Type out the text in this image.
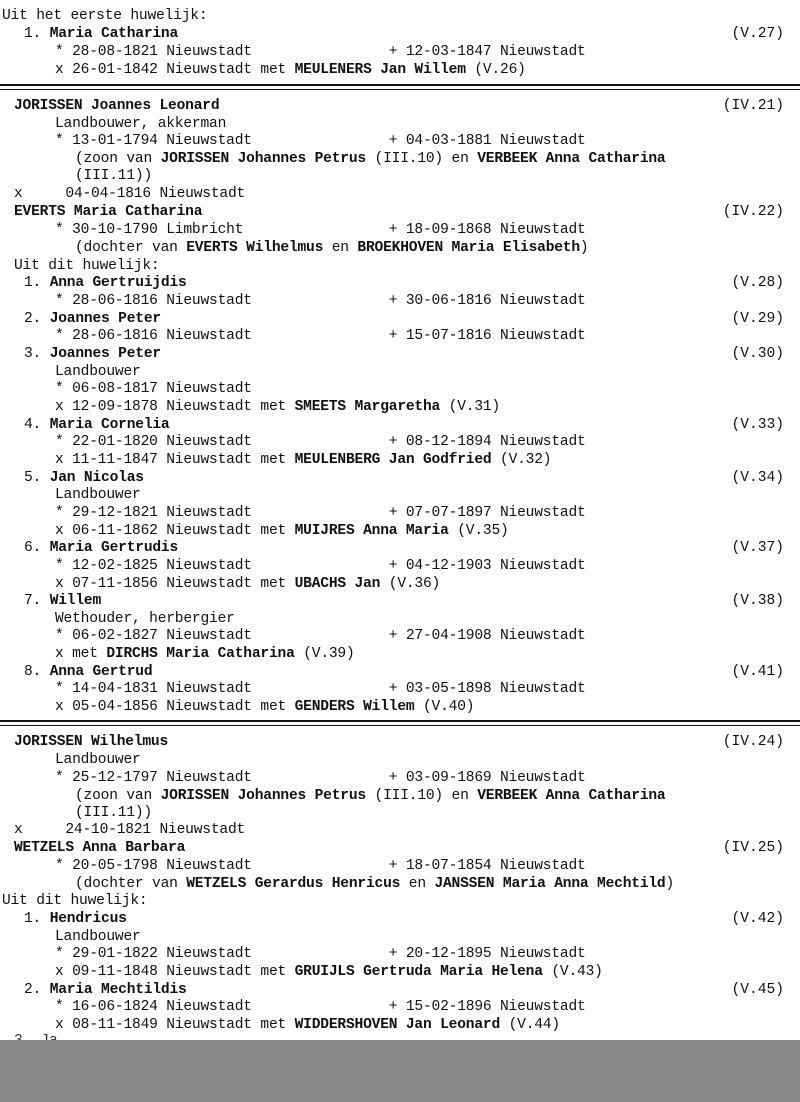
Uit het eerste huwelijk:
1. Maria Catharina	(V.27)
* 28-08-1821 Nieuwstadt                + 12-03-1847 Nieuwstadt
x 26-01-1842 Nieuwstadt met MEULENERS Jan Willem (V.26)
JORISSEN Joannes Leonard	(IV.21)
Landbouwer, akkerman
* 13-01-1794 Nieuwstadt                + 04-03-1881 Nieuwstadt
(zoon van JORISSEN Johannes Petrus (III.10) en VERBEEK Anna Catharina
(III.11))
x     04-04-1816 Nieuwstadt
EVERTS Maria Catharina	(IV.22)
* 30-10-1790 Limbricht                 + 18-09-1868 Nieuwstadt
(dochter van EVERTS Wilhelmus en BROEKHOVEN Maria Elisabeth)
Uit dit huwelijk:
1. Anna Gertruijdis	(V.28)
* 28-06-1816 Nieuwstadt                + 30-06-1816 Nieuwstadt
2. Joannes Peter	(V.29)
* 28-06-1816 Nieuwstadt                + 15-07-1816 Nieuwstadt
3. Joannes Peter	(V.30)
Landbouwer
* 06-08-1817 Nieuwstadt
x 12-09-1878 Nieuwstadt met SMEETS Margaretha (V.31)
4. Maria Cornelia	(V.33)
* 22-01-1820 Nieuwstadt                + 08-12-1894 Nieuwstadt
x 11-11-1847 Nieuwstadt met MEULENBERG Jan Godfried (V.32)
5. Jan Nicolas	(V.34)
Landbouwer
* 29-12-1821 Nieuwstadt                + 07-07-1897 Nieuwstadt
x 06-11-1862 Nieuwstadt met MUIJRES Anna Maria (V.35)
6. Maria Gertrudis	(V.37)
* 12-02-1825 Nieuwstadt                + 04-12-1903 Nieuwstadt
x 07-11-1856 Nieuwstadt met UBACHS Jan (V.36)
7. Willem	(V.38)
Wethouder, herbergier
* 06-02-1827 Nieuwstadt                + 27-04-1908 Nieuwstadt
x met DIRCHS Maria Catharina (V.39)
8. Anna Gertrud	(V.41)
* 14-04-1831 Nieuwstadt                + 03-05-1898 Nieuwstadt
x 05-04-1856 Nieuwstadt met GENDERS Willem (V.40)
JORISSEN Wilhelmus	(IV.24)
Landbouwer
* 25-12-1797 Nieuwstadt                + 03-09-1869 Nieuwstadt
(zoon van JORISSEN Johannes Petrus (III.10) en VERBEEK Anna Catharina
(III.11))
x     24-10-1821 Nieuwstadt
WETZELS Anna Barbara	(IV.25)
* 20-05-1798 Nieuwstadt                + 18-07-1854 Nieuwstadt
(dochter van WETZELS Gerardus Henricus en JANSSEN Maria Anna Mechtild)
Uit dit huwelijk:
1. Hendricus	(V.42)
Landbouwer
* 29-01-1822 Nieuwstadt                + 20-12-1895 Nieuwstadt
x 09-11-1848 Nieuwstadt met GRUIJLS Gertruda Maria Helena (V.43)
2. Maria Mechtildis	(V.45)
* 16-06-1824 Nieuwstadt                + 15-02-1896 Nieuwstadt
x 08-11-1849 Nieuwstadt met WIDDERSHOVEN Jan Leonard (V.44)
